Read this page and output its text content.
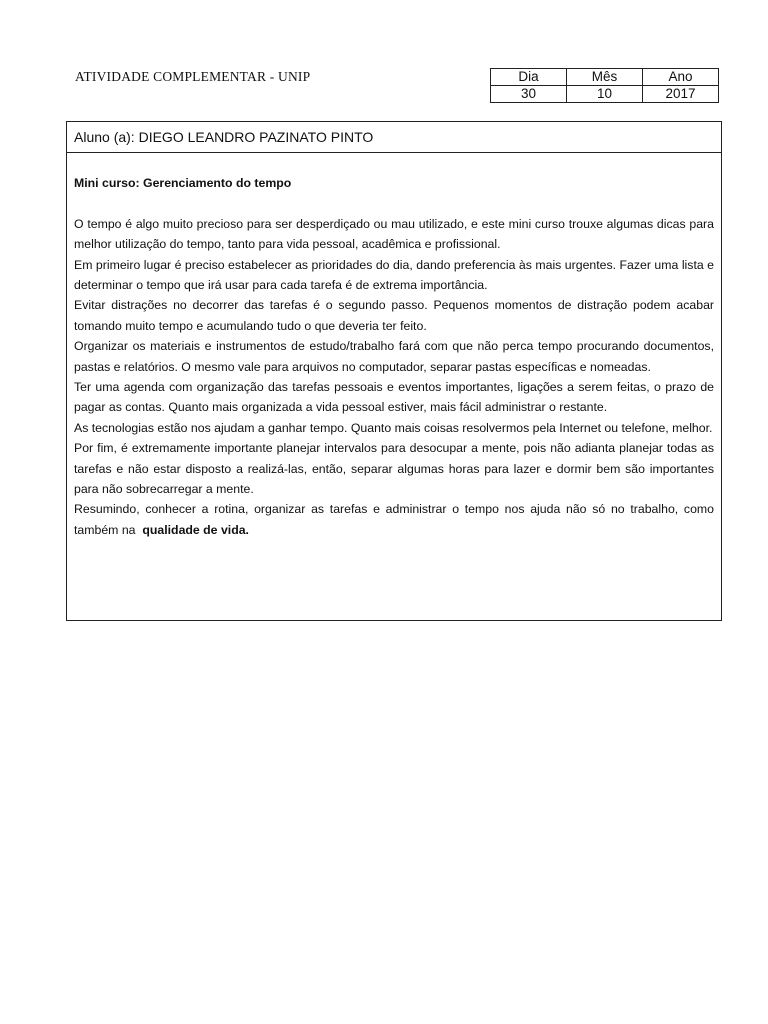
ATIVIDADE COMPLEMENTAR - UNIP	Dia	Mês	Ano
30	10	2017
Aluno (a): DIEGO LEANDRO PAZINATO PINTO
Mini curso: Gerenciamento do tempo

O tempo é algo muito precioso para ser desperdiçado ou mau utilizado, e este mini curso trouxe algumas dicas para melhor utilização do tempo, tanto para vida pessoal, acadêmica e profissional.

Em primeiro lugar é preciso estabelecer as prioridades do dia, dando preferencia às mais urgentes. Fazer uma lista e determinar o tempo que irá usar para cada tarefa é de extrema importância.

Evitar distrações no decorrer das tarefas é o segundo passo. Pequenos momentos de distração podem acabar tomando muito tempo e acumulando tudo o que deveria ter feito.

Organizar os materiais e instrumentos de estudo/trabalho fará com que não perca tempo procurando documentos, pastas e relatórios. O mesmo vale para arquivos no computador, separar pastas específicas e nomeadas.

Ter uma agenda com organização das tarefas pessoais e eventos importantes, ligações a serem feitas, o prazo de pagar as contas. Quanto mais organizada a vida pessoal estiver, mais fácil administrar o restante.

As tecnologias estão nos ajudam a ganhar tempo. Quanto mais coisas resolvermos pela Internet ou telefone, melhor.

Por fim, é extremamente importante planejar intervalos para desocupar a mente, pois não adianta planejar todas as tarefas e não estar disposto a realizá-las, então, separar algumas horas para lazer e dormir bem são importantes para não sobrecarregar a mente.

Resumindo, conhecer a rotina, organizar as tarefas e administrar o tempo nos ajuda não só no trabalho, como também na qualidade de vida.
